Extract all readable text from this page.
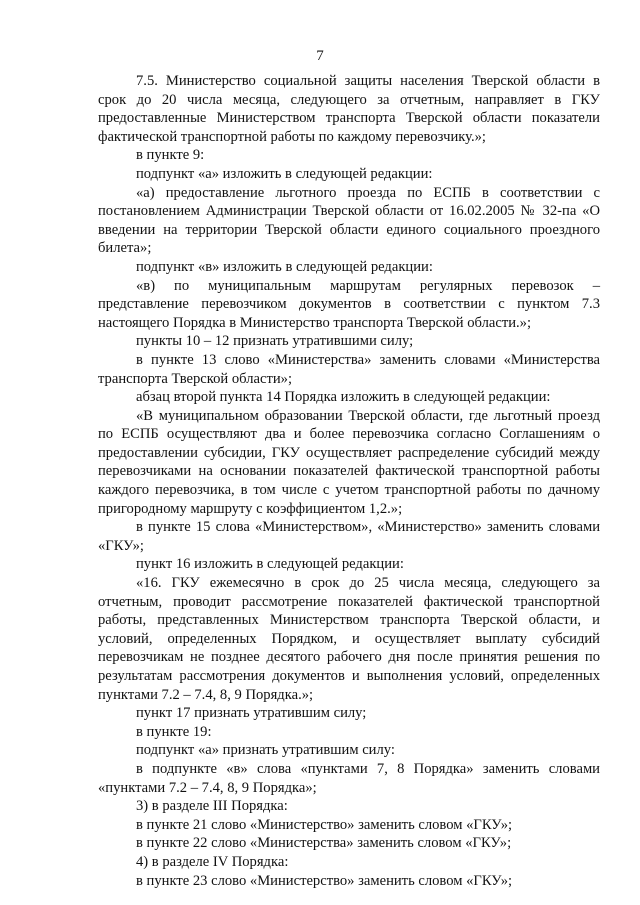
7

7.5. Министерство социальной защиты населения Тверской области в срок до 20 числа месяца, следующего за отчетным, направляет в ГКУ предоставленные Министерством транспорта Тверской области показатели фактической транспортной работы по каждому перевозчику.»;

в пункте 9:

подпункт «а» изложить в следующей редакции:

«а) предоставление льготного проезда по ЕСПБ в соответствии с постановлением Администрации Тверской области от 16.02.2005 № 32-па «О введении на территории Тверской области единого социального проездного билета»;

подпункт «в» изложить в следующей редакции:

«в) по муниципальным маршрутам регулярных перевозок – представление перевозчиком документов в соответствии с пунктом 7.3 настоящего Порядка в Министерство транспорта Тверской области.»;

пункты 10 – 12 признать утратившими силу;

в пункте 13 слово «Министерства» заменить словами «Министерства транспорта Тверской области»;

абзац второй пункта 14 Порядка изложить в следующей редакции:

«В муниципальном образовании Тверской области, где льготный проезд по ЕСПБ осуществляют два и более перевозчика согласно Соглашениям о предоставлении субсидии, ГКУ осуществляет распределение субсидий между перевозчиками на основании показателей фактической транспортной работы каждого перевозчика, в том числе с учетом транспортной работы по дачному пригородному маршруту с коэффициентом 1,2.»;

в пункте 15 слова «Министерством», «Министерство» заменить словами «ГКУ»;

пункт 16 изложить в следующей редакции:

«16. ГКУ ежемесячно в срок до 25 числа месяца, следующего за отчетным, проводит рассмотрение показателей фактической транспортной работы, представленных Министерством транспорта Тверской области, и условий, определенных Порядком, и осуществляет выплату субсидий перевозчикам не позднее десятого рабочего дня после принятия решения по результатам рассмотрения документов и выполнения условий, определенных пунктами 7.2 – 7.4, 8, 9 Порядка.»;

пункт 17 признать утратившим силу;

в пункте 19:

подпункт «а» признать утратившим силу:

в подпункте «в» слова «пунктами 7, 8 Порядка» заменить словами «пунктами 7.2 – 7.4, 8, 9 Порядка»;

3) в разделе III Порядка:

в пункте 21 слово «Министерство» заменить словом «ГКУ»;

в пункте 22 слово «Министерства» заменить словом «ГКУ»;

4) в разделе IV Порядка:

в пункте 23 слово «Министерство» заменить словом «ГКУ»;
